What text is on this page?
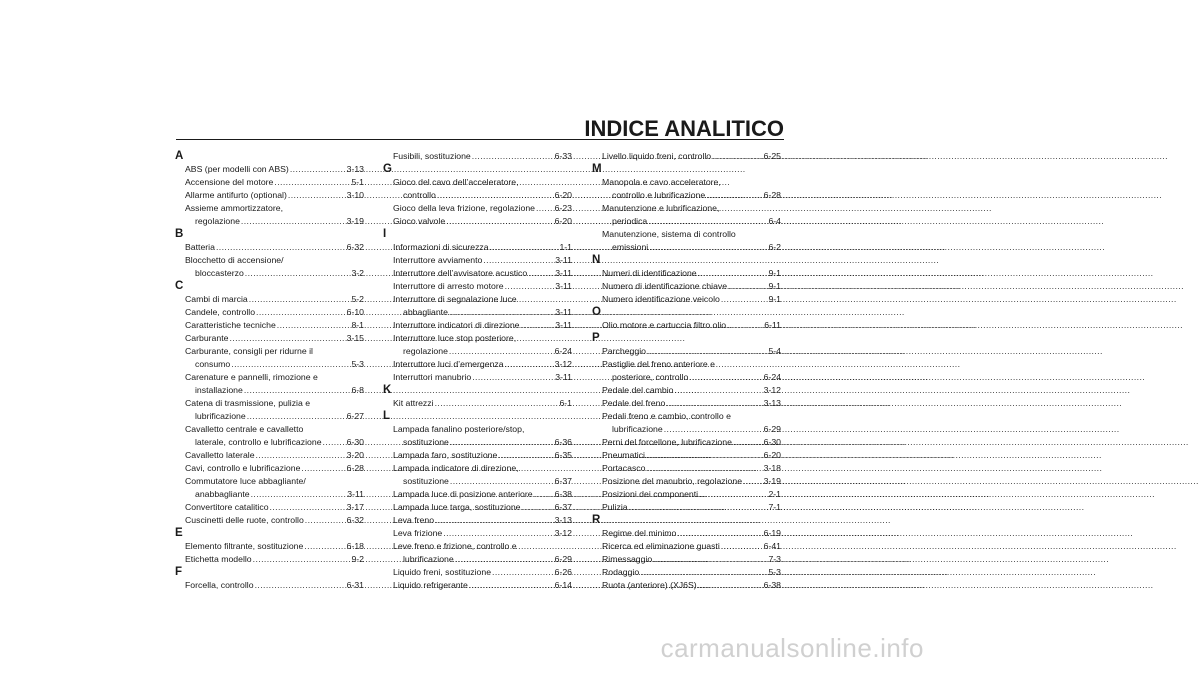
INDICE ANALITICO
A
ABS (per modelli con ABS) .....	3-13
Accensione del motore .....	5-1
Allarme antifurto (optional) .....	3-10
Assieme ammortizzatore,
regolazione .....	3-19
B
Batteria .....	6-32
Blocchetto di accensione/
bloccasterzo .....	3-2
C
Cambi di marcia .....	5-2
Candele, controllo .....	6-10
Caratteristiche tecniche .....	8-1
Carburante .....	3-15
Carburante, consigli per ridurne il
consumo .....	5-3
Carenature e pannelli, rimozione e
installazione .....	6-8
Catena di trasmissione, pulizia e
lubrificazione .....	6-27
Cavalletto centrale e cavalletto
laterale, controllo e lubrificazione .....	6-30
Cavalletto laterale .....	3-20
Cavi, controllo e lubrificazione .....	6-28
Commutatore luce abbagliante/
anabbagliante .....	3-11
Convertitore catalitico .....	3-17
Cuscinetti delle ruote, controllo .....	6-32
E
Elemento filtrante, sostituzione .....	6-18
Etichetta modello .....	9-2
F
Forcella, controllo .....	6-31
Fusibili, sostituzione .....	6-33
G
Gioco del cavo dell’acceleratore,
controllo .....	6-20
Gioco della leva frizione, regolazione ..... 6-23
Gioco valvole .....	6-20
I
Informazioni di sicurezza .....	1-1
Interruttore avviamento .....	3-11
Interruttore dell’avvisatore acustico .....	3-11
Interruttore di arresto motore .....	3-11
Interruttore di segnalazione luce
abbagliante .....	3-11
Interruttore indicatori di direzione .....	3-11
Interruttore luce stop posteriore,
regolazione .....	6-24
Interruttore luci d’emergenza .....	3-12
Interruttori manubrio .....	3-11
K
Kit attrezzi .....	6-1
L
Lampada fanalino posteriore/stop,
sostituzione .....	6-36
Lampada faro, sostituzione .....	6-35
Lampada indicatore di direzione,
sostituzione .....	6-37
Lampada luce di posizione anteriore .....	6-38
Lampada luce targa, sostituzione .....	6-37
Leva freno .....	3-13
Leva frizione .....	3-12
Leve freno e frizione, controllo e
lubrificazione .....	6-29
Liquido freni, sostituzione .....	6-26
Liquido refrigerante .....	6-14
Livello liquido freni, controllo .....	6-25
M
Manopola e cavo acceleratore,
controllo e lubrificazione .....	6-28
Manutenzione e lubrificazione,
periodica .....	6-4
Manutenzione, sistema di controllo
emissioni .....	6-2
N
Numeri di identificazione .....	9-1
Numero di identificazione chiave .....	9-1
Numero identificazione veicolo .....	9-1
O
Olio motore e cartuccia filtro olio .....	6-11
P
Parcheggio .....	5-4
Pastiglie del freno anteriore e
posteriore, controllo .....	6-24
Pedale del cambio .....	3-12
Pedale del freno .....	3-13
Pedali freno e cambio, controllo e
lubrificazione .....	6-29
Perni del forcellone, lubrificazione .....	6-30
Pneumatici .....	6-20
Portacasco .....	3-18
Posizione del manubrio, regolazione ..... 3-19
Posizioni dei componenti .....	2-1
Pulizia .....	7-1
R
Regime del minimo .....	6-19
Ricerca ed eliminazione guasti .....	6-41
Rimessaggio .....	7-3
Rodaggio .....	5-3
Ruota (anteriore) (XJ6S) .....	6-38
carmanualsonline.info
